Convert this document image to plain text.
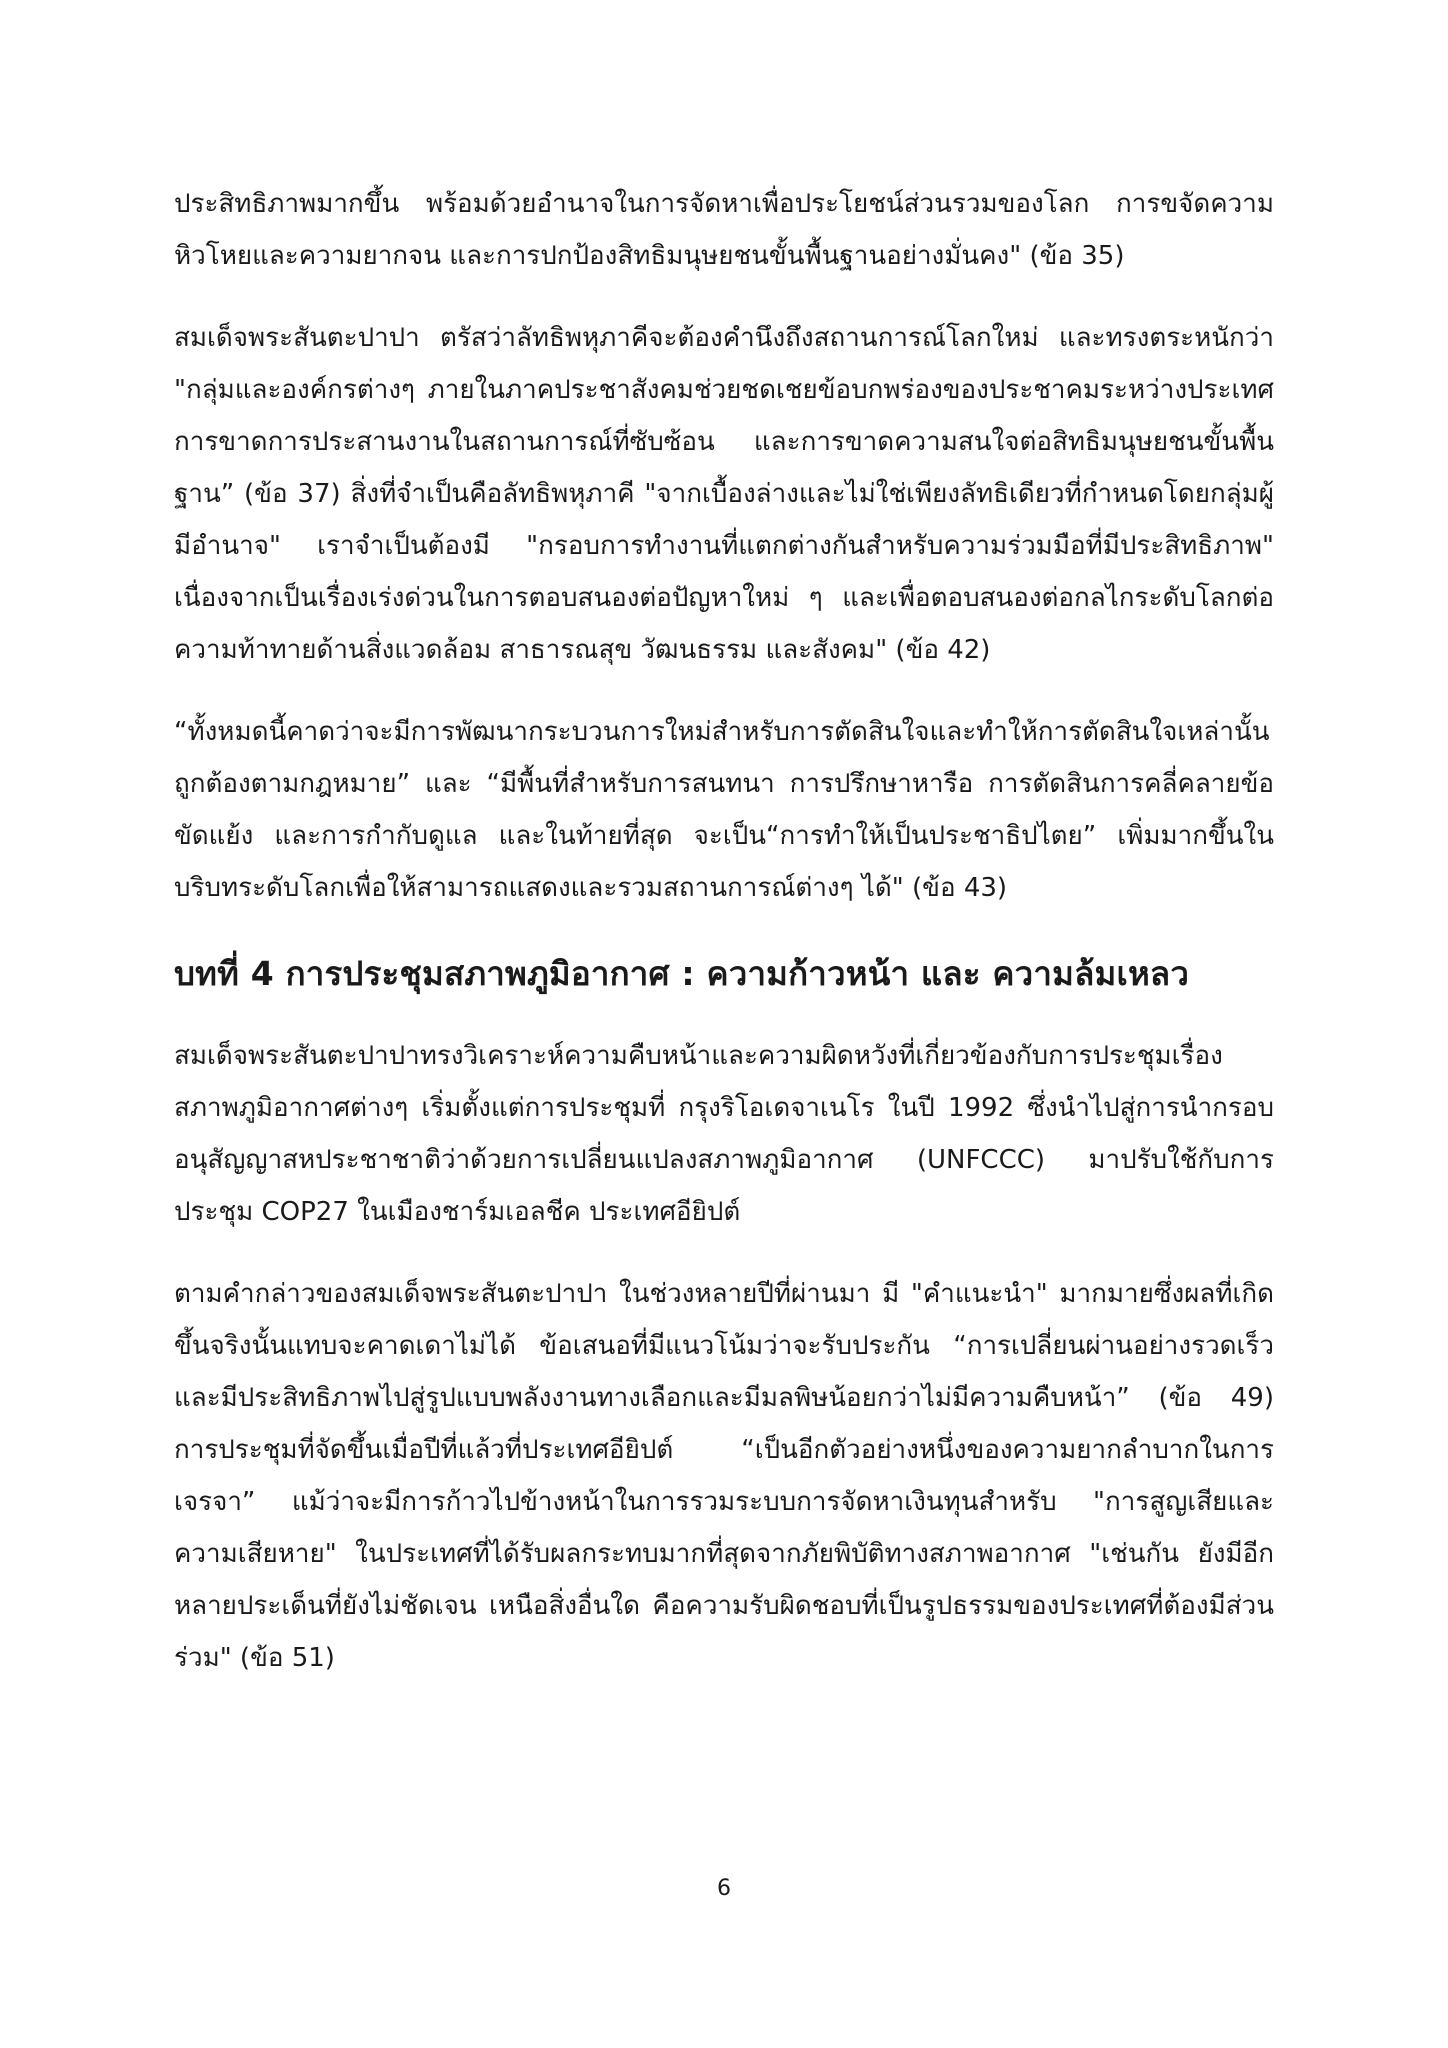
ประสิทธิภาพมากขึ้น พร้อมด้วยอำนาจในการจัดหาเพื่อประโยชน์ส่วนรวมของโลก การขจัดความหิวโหยและความยากจน และการปกป้องสิทธิมนุษยชนขั้นพื้นฐานอย่างมั่นคง" (ข้อ 35)

สมเด็จพระสันตะปาปา ตรัสว่าลัทธิพหุภาคีจะต้องคำนึงถึงสถานการณ์โลกใหม่ และทรงตระหนักว่า "กลุ่มและองค์กรต่างๆ ภายในภาคประชาสังคมช่วยชดเชยข้อบกพร่องของประชาคมระหว่างประเทศ การขาดการประสานงานในสถานการณ์ที่ซับซ้อน และการขาดความสนใจต่อสิทธิมนุษยชนขั้นพื้นฐาน” (ข้อ 37) สิ่งที่จำเป็นคือลัทธิพหุภาคี "จากเบื้องล่างและไม่ใช่เพียงลัทธิเดียวที่กำหนดโดยกลุ่มผู้มีอำนาจ" เราจำเป็นต้องมี "กรอบการทำงานที่แตกต่างกันสำหรับความร่วมมือที่มีประสิทธิภาพ" เนื่องจากเป็นเรื่องเร่งด่วนในการตอบสนองต่อปัญหาใหม่ ๆ และเพื่อตอบสนองต่อกลไกระดับโลกต่อความท้าทายด้านสิ่งแวดล้อม สาธารณสุข วัฒนธรรม และสังคม" (ข้อ 42)

“ทั้งหมดนี้คาดว่าจะมีการพัฒนากระบวนการใหม่สำหรับการตัดสินใจและทำให้การตัดสินใจเหล่านั้นถูกต้องตามกฎหมาย” และ “มีพื้นที่สำหรับการสนทนา การปรึกษาหารือ การตัดสินการคลี่คลายข้อขัดแย้ง และการกำกับดูแล และในท้ายที่สุด จะเป็น“การทำให้เป็นประชาธิปไตย” เพิ่มมากขึ้นในบริบทระดับโลกเพื่อให้สามารถแสดงและรวมสถานการณ์ต่างๆ ได้" (ข้อ 43)

บทที่ 4 การประชุมสภาพภูมิอากาศ : ความก้าวหน้า และ ความล้มเหลว

สมเด็จพระสันตะปาปาทรงวิเคราะห์ความคืบหน้าและความผิดหวังที่เกี่ยวข้องกับการประชุมเรื่องสภาพภูมิอากาศต่างๆ เริ่มตั้งแต่การประชุมที่ กรุงริโอเดจาเนโร ในปี 1992 ซึ่งนำไปสู่การนำกรอบอนุสัญญาสหประชาชาติว่าด้วยการเปลี่ยนแปลงสภาพภูมิอากาศ (UNFCCC) มาปรับใช้กับการประชุม COP27 ในเมืองชาร์มเอลชีค ประเทศอียิปต์

ตามคำกล่าวของสมเด็จพระสันตะปาปา ในช่วงหลายปีที่ผ่านมา มี "คำแนะนำ" มากมายซึ่งผลที่เกิดขึ้นจริงนั้นแทบจะคาดเดาไม่ได้ ข้อเสนอที่มีแนวโน้มว่าจะรับประกัน “การเปลี่ยนผ่านอย่างรวดเร็วและมีประสิทธิภาพไปสู่รูปแบบพลังงานทางเลือกและมีมลพิษน้อยกว่าไม่มีความคืบหน้า” (ข้อ 49) การประชุมที่จัดขึ้นเมื่อปีที่แล้วที่ประเทศอียิปต์ “เป็นอีกตัวอย่างหนึ่งของความยากลำบากในการเจรจา” แม้ว่าจะมีการก้าวไปข้างหน้าในการรวมระบบการจัดหาเงินทุนสำหรับ "การสูญเสียและความเสียหาย" ในประเทศที่ได้รับผลกระทบมากที่สุดจากภัยพิบัติทางสภาพอากาศ "เช่นกัน ยังมีอีกหลายประเด็นที่ยังไม่ชัดเจน เหนือสิ่งอื่นใด คือความรับผิดชอบที่เป็นรูปธรรมของประเทศที่ต้องมีส่วนร่วม" (ข้อ 51)

6
